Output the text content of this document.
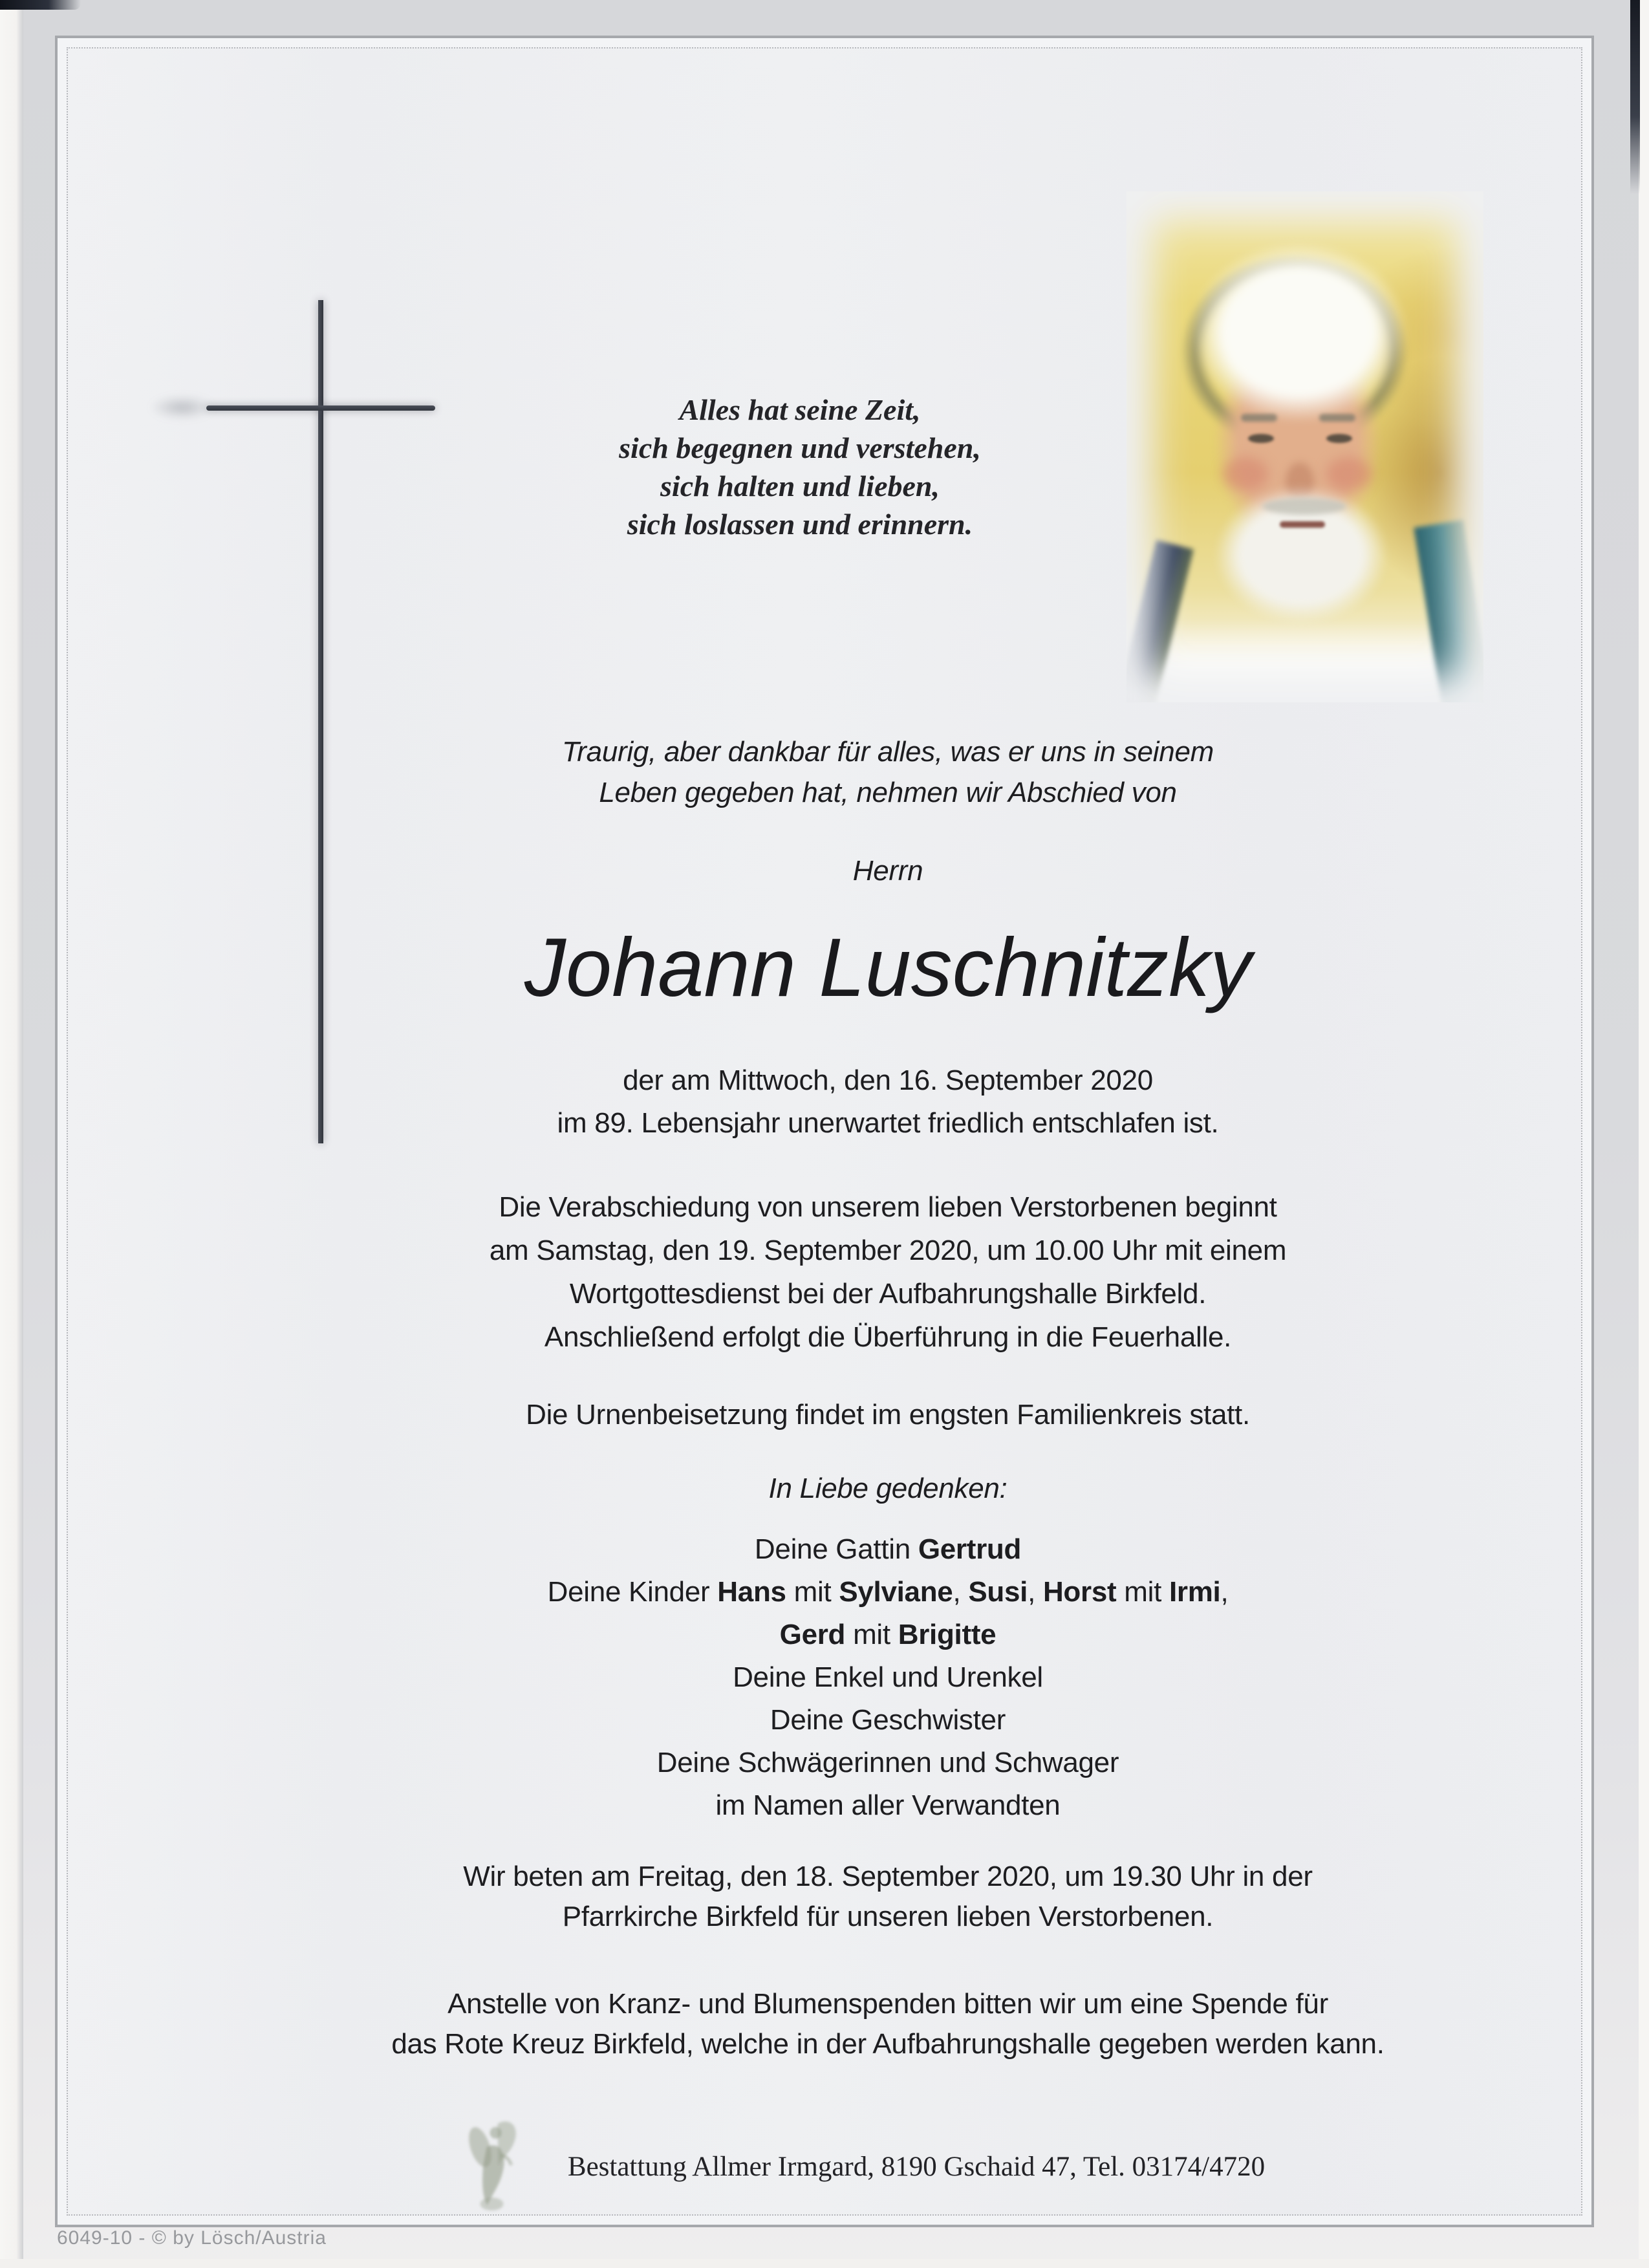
Alles hat seine Zeit,
sich begegnen und verstehen,
sich halten und lieben,
sich loslassen und erinnern.
Traurig, aber dankbar für alles, was er uns in seinem
Leben gegeben hat, nehmen wir Abschied von
Herrn
Johann Luschnitzky
der am Mittwoch, den 16. September 2020
im 89. Lebensjahr unerwartet friedlich entschlafen ist.
Die Verabschiedung von unserem lieben Verstorbenen beginnt
am Samstag, den 19. September 2020, um 10.00 Uhr mit einem
Wortgottesdienst bei der Aufbahrungshalle Birkfeld.
Anschließend erfolgt die Überführung in die Feuerhalle.
Die Urnenbeisetzung findet im engsten Familienkreis statt.
In Liebe gedenken:
Deine Gattin Gertrud
Deine Kinder Hans mit Sylviane, Susi, Horst mit Irmi,
Gerd mit Brigitte
Deine Enkel und Urenkel
Deine Geschwister
Deine Schwägerinnen und Schwager
im Namen aller Verwandten
Wir beten am Freitag, den 18. September 2020, um 19.30 Uhr in der
Pfarrkirche Birkfeld für unseren lieben Verstorbenen.
Anstelle von Kranz- und Blumenspenden bitten wir um eine Spende für
das Rote Kreuz Birkfeld, welche in der Aufbahrungshalle gegeben werden kann.
Bestattung Allmer Irmgard, 8190 Gschaid 47, Tel. 03174/4720
6049-10 - © by Lösch/Austria
